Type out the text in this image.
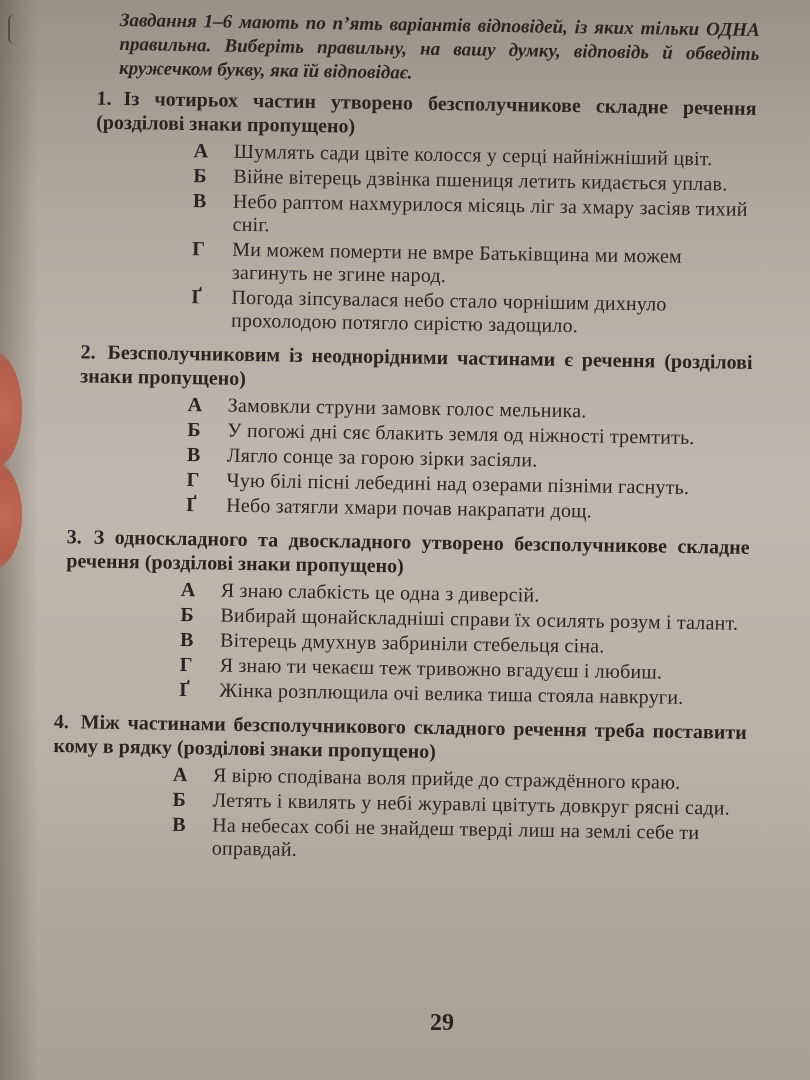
Завдання 1–6 мають по п’ять варіантів відповідей, із яких тільки ОДНА правильна. Виберіть правильну, на вашу думку, відповідь й обведіть кружечком букву, яка їй відповідає.
1. Із чотирьох частин утворено безсполучникове складне речення (розділові знаки пропущено)
А	Шумлять сади цвіте колосся у серці найніжніший цвіт.
Б	Війне вітерець дзвінка пшениця летить кидається уплав.
В	Небо раптом нахмурилося місяць ліг за хмару засіяв тихий сніг.
Г	Ми можем померти не вмре Батьківщина ми можем загинуть не згине народ.
Ґ	Погода зіпсувалася небо стало чорнішим дихнуло прохолодою потягло сирістю задощило.
2. Безсполучниковим із неоднорідними частинами є речення (розділові знаки пропущено)
А	Замовкли струни замовк голос мельника.
Б	У погожі дні сяє блакить земля од ніжності тремтить.
В	Лягло сонце за горою зірки засіяли.
Г	Чую білі пісні лебедині над озерами пізніми гаснуть.
Ґ	Небо затягли хмари почав накрапати дощ.
3. З односкладного та двоскладного утворено безсполучникове складне речення (розділові знаки пропущено)
А	Я знаю слабкість це одна з диверсій.
Б	Вибирай щонайскладніші справи їх осилять розум і талант.
В	Вітерець дмухнув забриніли стебельця сіна.
Г	Я знаю ти чекаєш теж тривожно вгадуєш і любиш.
Ґ	Жінка розплющила очі велика тиша стояла навкруги.
4. Між частинами безсполучникового складного речення треба поставити кому в рядку (розділові знаки пропущено)
А	Я вірю сподівана воля прийде до страждённого краю.
Б	Летять і квилять у небі журавлі цвітуть довкруг рясні сади.
В	На небесах собі не знайдеш тверді лиш на землі себе ти оправдай.
29
